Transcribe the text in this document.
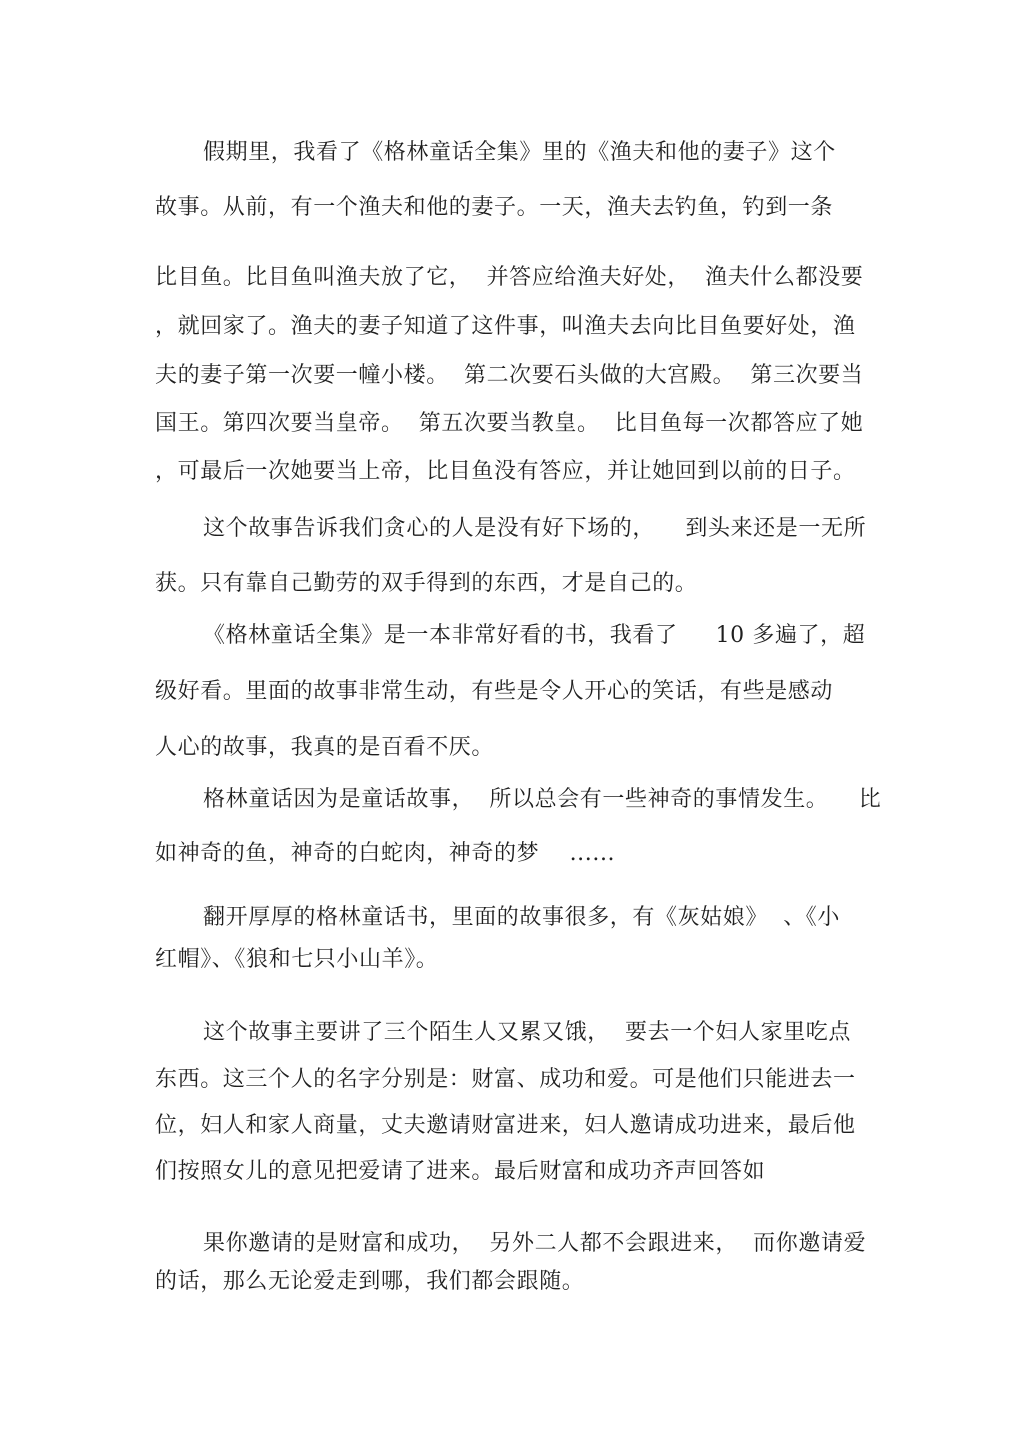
假期里，我看了《格林童话全集》里的《渔夫和他的妻子》这个
故事。从前，有一个渔夫和他的妻子。一天，渔夫去钓鱼，钓到一条
比目鱼。比目鱼叫渔夫放了它，  并答应给渔夫好处，  渔夫什么都没要
，就回家了。渔夫的妻子知道了这件事，叫渔夫去向比目鱼要好处，渔
夫的妻子第一次要一幢小楼。  第二次要石头做的大宫殿。  第三次要当
国王。第四次要当皇帝。  第五次要当教皇。  比目鱼每一次都答应了她
，可最后一次她要当上帝，比目鱼没有答应，并让她回到以前的日子。
这个故事告诉我们贪心的人是没有好下场的，    到头来还是一无所
获。只有靠自己勤劳的双手得到的东西，才是自己的。
《格林童话全集》是一本非常好看的书，我看了     10 多遍了，超
级好看。里面的故事非常生动，有些是令人开心的笑话，有些是感动
人心的故事，我真的是百看不厌。
格林童话因为是童话故事，  所以总会有一些神奇的事情发生。    比
如神奇的鱼，神奇的白蛇肉，神奇的梦    ......
翻开厚厚的格林童话书，里面的故事很多，有《灰姑娘》  、《小
红帽》、《狼和七只小山羊》。
这个故事主要讲了三个陌生人又累又饿，  要去一个妇人家里吃点
东西。这三个人的名字分别是：财富、成功和爱。可是他们只能进去一
位，妇人和家人商量，丈夫邀请财富进来，妇人邀请成功进来，最后他
们按照女儿的意见把爱请了进来。最后财富和成功齐声回答如
果你邀请的是财富和成功，  另外二人都不会跟进来，  而你邀请爱
的话，那么无论爱走到哪，我们都会跟随。
